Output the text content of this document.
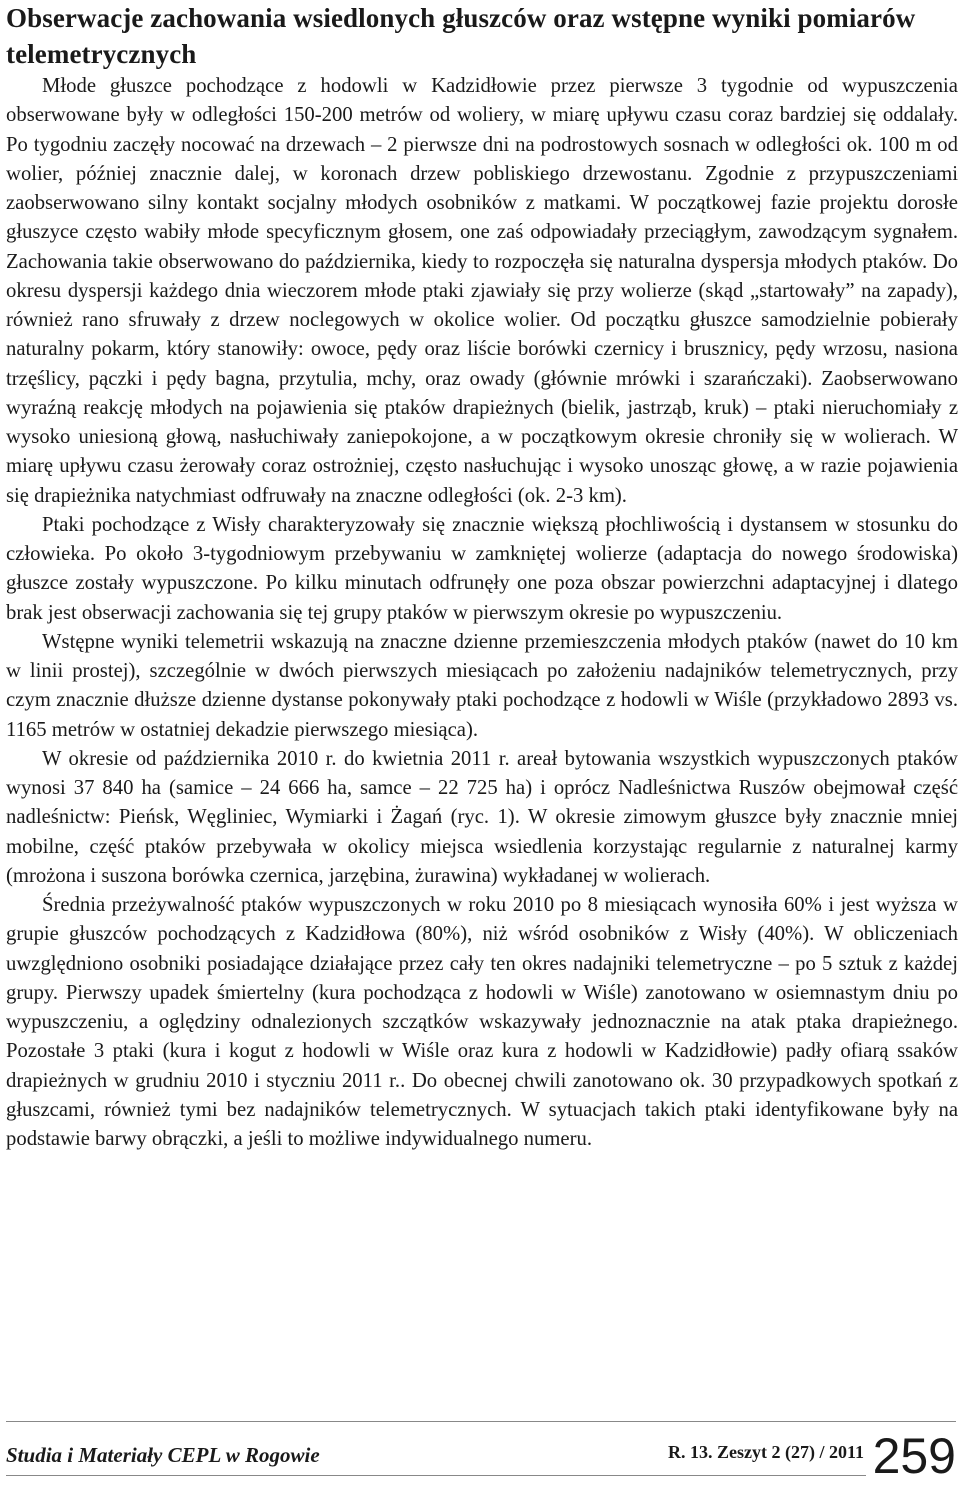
Obserwacje zachowania wsiedlonych głuszców oraz wstępne wyniki pomiarów telemetrycznych

Młode głuszce pochodzące z hodowli w Kadzidłowie przez pierwsze 3 tygodnie od wypuszczenia obserwowane były w odległości 150-200 metrów od woliery, w miarę upływu czasu coraz bardziej się oddalały. Po tygodniu zaczęły nocować na drzewach – 2 pierwsze dni na podrostowych sosnach w odległości ok. 100 m od wolier, później znacznie dalej, w koronach drzew pobliskiego drzewostanu. Zgodnie z przypuszczeniami zaobserwowano silny kontakt socjalny młodych osobników z matkami. W początkowej fazie projektu dorosłe głuszyce często wabiły młode specyficznym głosem, one zaś odpowiadały przeciągłym, zawodzącym sygnałem. Zachowania takie obserwowano do października, kiedy to rozpoczęła się naturalna dyspersja młodych ptaków. Do okresu dyspersji każdego dnia wieczorem młode ptaki zjawiały się przy wolierze (skąd „startowały” na zapady), również rano sfruwały z drzew noclegowych w okolice wolier. Od początku głuszce samodzielnie pobierały naturalny pokarm, który stanowiły: owoce, pędy oraz liście borówki czernicy i brusznicy, pędy wrzosu, nasiona trzęślicy, pączki i pędy bagna, przytulia, mchy, oraz owady (głównie mrówki i szarańczaki). Zaobserwowano wyraźną reakcję młodych na pojawienia się ptaków drapieżnych (bielik, jastrząb, kruk) – ptaki nieruchomiały z wysoko uniesioną głową, nasłuchiwały zaniepokojone, a w początkowym okresie chroniły się w wolierach. W miarę upływu czasu żerowały coraz ostrożniej, często nasłuchując i wysoko unosząc głowę, a w razie pojawienia się drapieżnika natychmiast odfruwały na znaczne odległości (ok. 2-3 km).

Ptaki pochodzące z Wisły charakteryzowały się znacznie większą płochliwością i dystansem w stosunku do człowieka. Po około 3-tygodniowym przebywaniu w zamkniętej wolierze (adaptacja do nowego środowiska) głuszce zostały wypuszczone. Po kilku minutach odfrunęły one poza obszar powierzchni adaptacyjnej i dlatego brak jest obserwacji zachowania się tej grupy ptaków w pierwszym okresie po wypuszczeniu.

Wstępne wyniki telemetrii wskazują na znaczne dzienne przemieszczenia młodych ptaków (nawet do 10 km w linii prostej), szczególnie w dwóch pierwszych miesiącach po założeniu nadajników telemetrycznych, przy czym znacznie dłuższe dzienne dystanse pokonywały ptaki pochodzące z hodowli w Wiśle (przykładowo 2893 vs. 1165 metrów w ostatniej dekadzie pierwszego miesiąca).

W okresie od października 2010 r. do kwietnia 2011 r. areał bytowania wszystkich wypuszczonych ptaków wynosi 37 840 ha (samice – 24 666 ha, samce – 22 725 ha) i oprócz Nadleśnictwa Ruszów obejmował część nadleśnictw: Pieńsk, Węgliniec, Wymiarki i Żagań (ryc. 1). W okresie zimowym głuszce były znacznie mniej mobilne, część ptaków przebywała w okolicy miejsca wsiedlenia korzystając regularnie z naturalnej karmy (mrożona i suszona borówka czernica, jarzębina, żurawina) wykładanej w wolierach.

Średnia przeżywalność ptaków wypuszczonych w roku 2010 po 8 miesiącach wynosiła 60% i jest wyższa w grupie głuszców pochodzących z Kadzidłowa (80%), niż wśród osobników z Wisły (40%). W obliczeniach uwzględniono osobniki posiadające działające przez cały ten okres nadajniki telemetryczne – po 5 sztuk z każdej grupy. Pierwszy upadek śmiertelny (kura pochodząca z hodowli w Wiśle) zanotowano w osiemnastym dniu po wypuszczeniu, a oględziny odnalezionych szczątków wskazywały jednoznacznie na atak ptaka drapieżnego. Pozostałe 3 ptaki (kura i kogut z hodowli w Wiśle oraz kura z hodowli w Kadzidłowie) padły ofiarą ssaków drapieżnych w grudniu 2010 i styczniu 2011 r.. Do obecnej chwili zanotowano ok. 30 przypadkowych spotkań z głuszcami, również tymi bez nadajników telemetrycznych. W sytuacjach takich ptaki identyfikowane były na podstawie barwy obrączki, a jeśli to możliwe indywidualnego numeru.

Studia i Materiały CEPL w Rogowie	R. 13. Zeszyt 2 (27) / 2011 259
